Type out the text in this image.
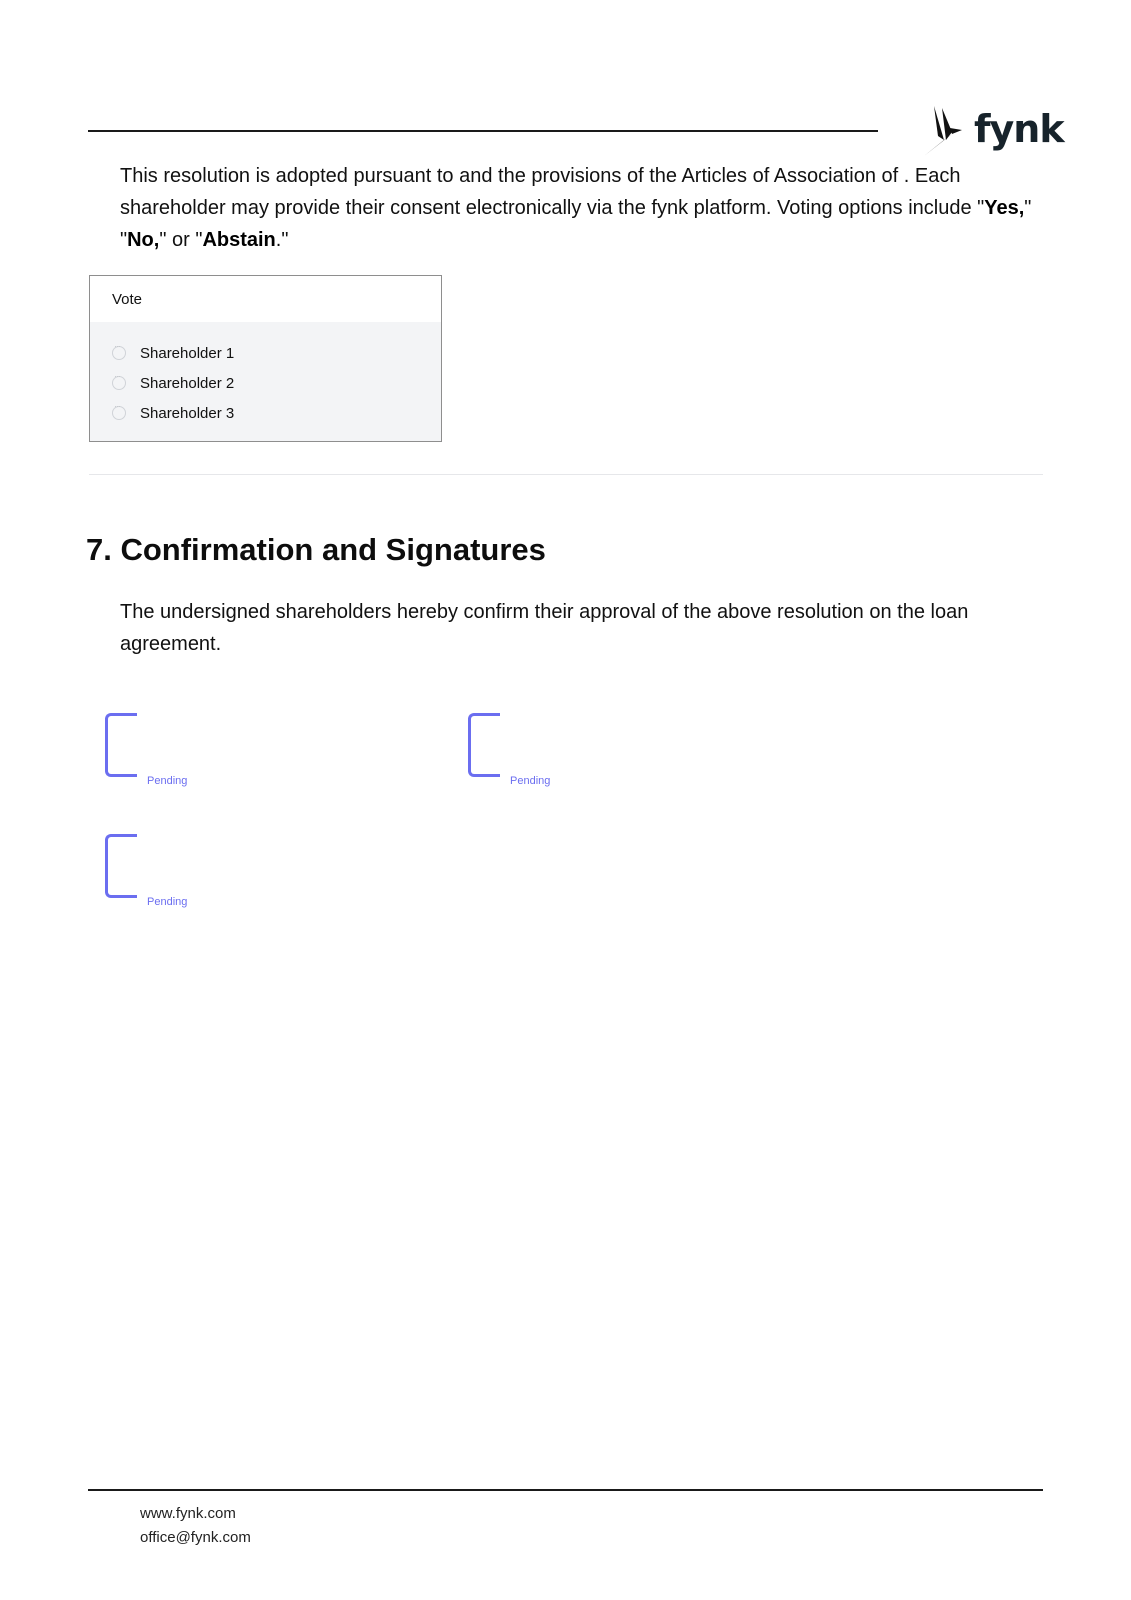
fynk
This resolution is adopted pursuant to and the provisions of the Articles of Association of . Each shareholder may provide their consent electronically via the fynk platform. Voting options include "Yes," "No," or "Abstain."
Vote
···
Shareholder 1
···
Shareholder 2
···
Shareholder 3
7. Confirmation and Signatures
The undersigned shareholders hereby confirm their approval of the above resolution on the loan agreement.
Pending	Pending
Pending
www.fynk.com
office@fynk.com
